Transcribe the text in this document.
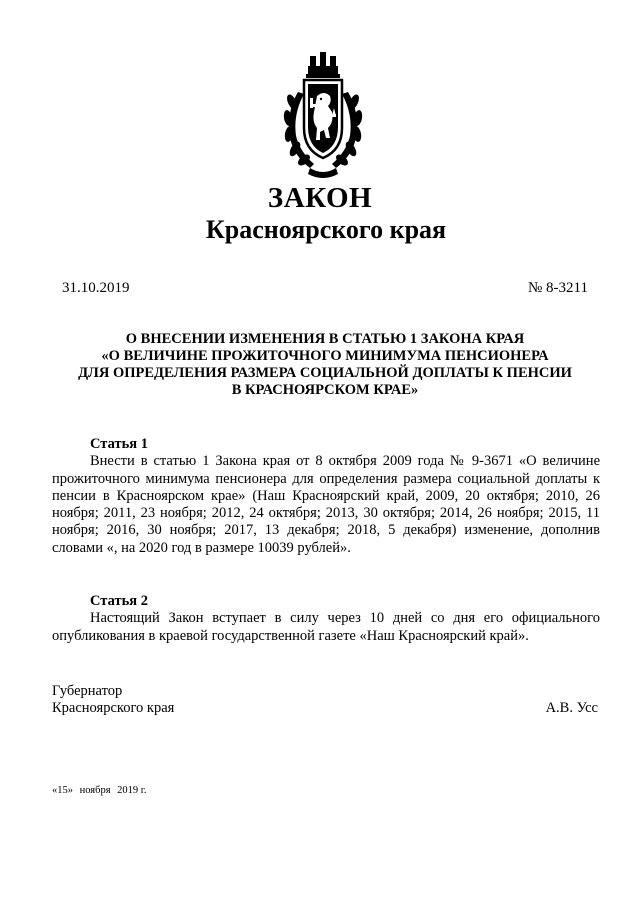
ЗАКОН
Красноярского края
31.10.2019	№ 8-3211
О ВНЕСЕНИИ ИЗМЕНЕНИЯ В СТАТЬЮ 1 ЗАКОНА КРАЯ
«О ВЕЛИЧИНЕ ПРОЖИТОЧНОГО МИНИМУМА ПЕНСИОНЕРА
ДЛЯ ОПРЕДЕЛЕНИЯ РАЗМЕРА СОЦИАЛЬНОЙ ДОПЛАТЫ К ПЕНСИИ
В КРАСНОЯРСКОМ КРАЕ»

Статья 1

Внести в статью 1 Закона края от 8 октября 2009 года № 9-3671 «О величине прожиточного минимума пенсионера для определения размера социальной доплаты к пенсии в Красноярском крае» (Наш Красноярский край, 2009, 20 октября; 2010, 26 ноября; 2011, 23 ноября; 2012, 24 октября; 2013, 30 октября; 2014, 26 ноября; 2015, 11 ноября; 2016, 30 ноября; 2017, 13 декабря; 2018, 5 декабря) изменение, дополнив словами «, на 2020 год в размере 10039 рублей».

Статья 2

Настоящий Закон вступает в силу через 10 дней со дня его официального опубликования в краевой государственной газете «Наш Красноярский край».

Губернатор
Красноярского края	А.В. Усс
«15» ноября 2019 г.
